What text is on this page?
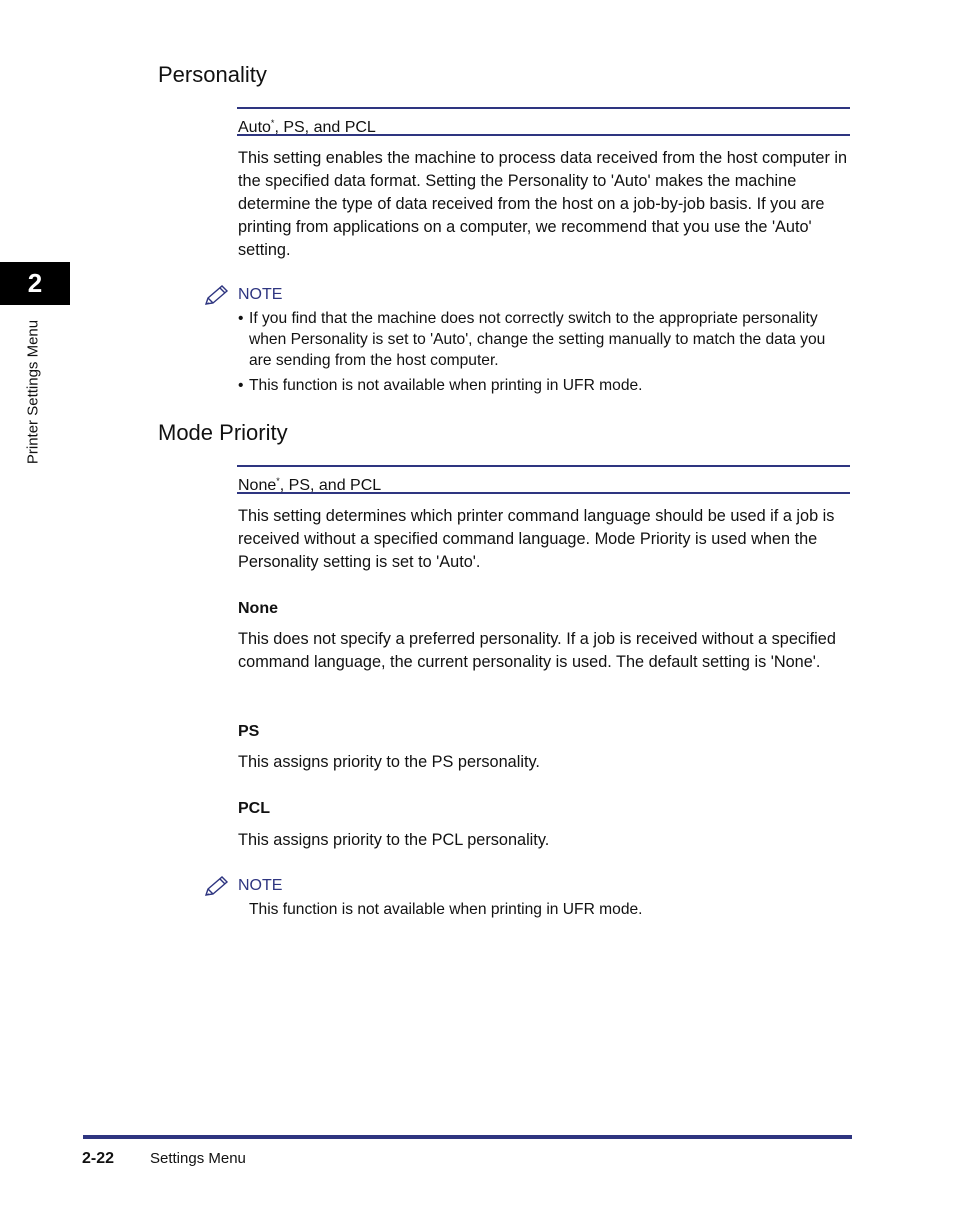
2
Printer Settings Menu
Personality
Auto*, PS, and PCL

This setting enables the machine to process data received from the host computer in the specified data format. Setting the Personality to 'Auto' makes the machine determine the type of data received from the host on a job-by-job basis. If you are printing from applications on a computer, we recommend that you use the 'Auto' setting.

NOTE
• If you find that the machine does not correctly switch to the appropriate personality when Personality is set to 'Auto', change the setting manually to match the data you are sending from the host computer.
• This function is not available when printing in UFR mode.
Mode Priority
None*, PS, and PCL

This setting determines which printer command language should be used if a job is received without a specified command language. Mode Priority is used when the Personality setting is set to 'Auto'.

None

This does not specify a preferred personality. If a job is received without a specified command language, the current personality is used. The default setting is 'None'.

PS

This assigns priority to the PS personality.

PCL

This assigns priority to the PCL personality.

NOTE
This function is not available when printing in UFR mode.
2-22 Settings Menu
